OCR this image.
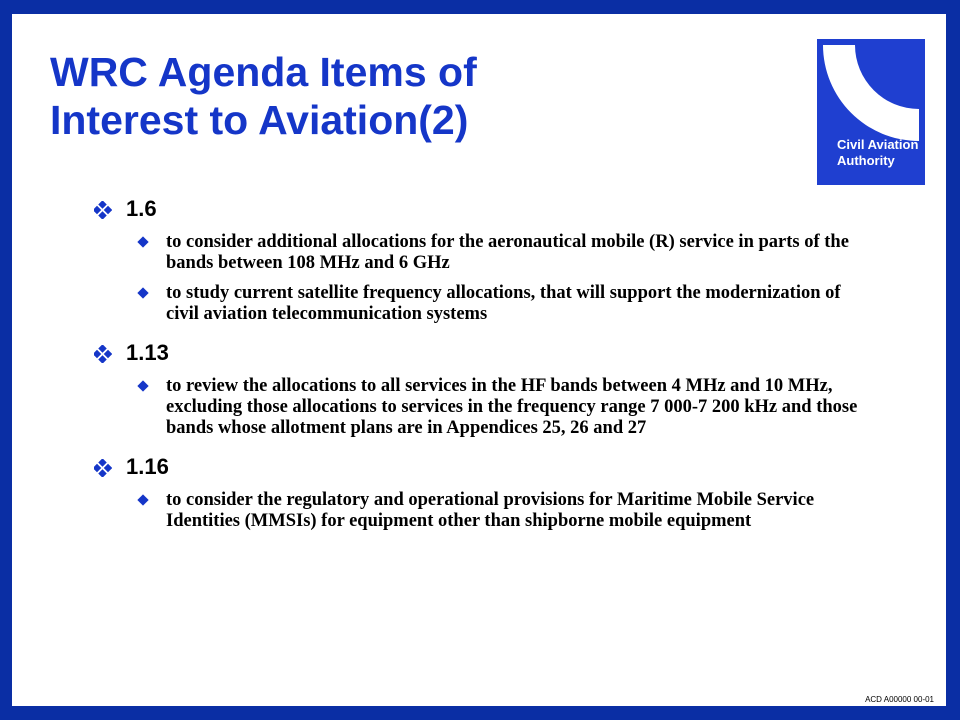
WRC Agenda Items of
Interest to Aviation(2)
Civil Aviation
Authority
1.6
to consider additional allocations for the aeronautical mobile (R) service in parts of the bands between 108 MHz and 6 GHz
to study current satellite frequency allocations, that will support the modernization of civil aviation telecommunication systems
1.13
to review the allocations to all services in the HF bands between 4 MHz and 10 MHz, excluding those allocations to services in the frequency range 7 000-7 200 kHz and those bands whose allotment plans are in Appendices 25, 26 and 27
1.16
to consider the regulatory and operational provisions for Maritime Mobile Service Identities (MMSIs) for equipment other than shipborne mobile equipment
ACD A00000 00-01
